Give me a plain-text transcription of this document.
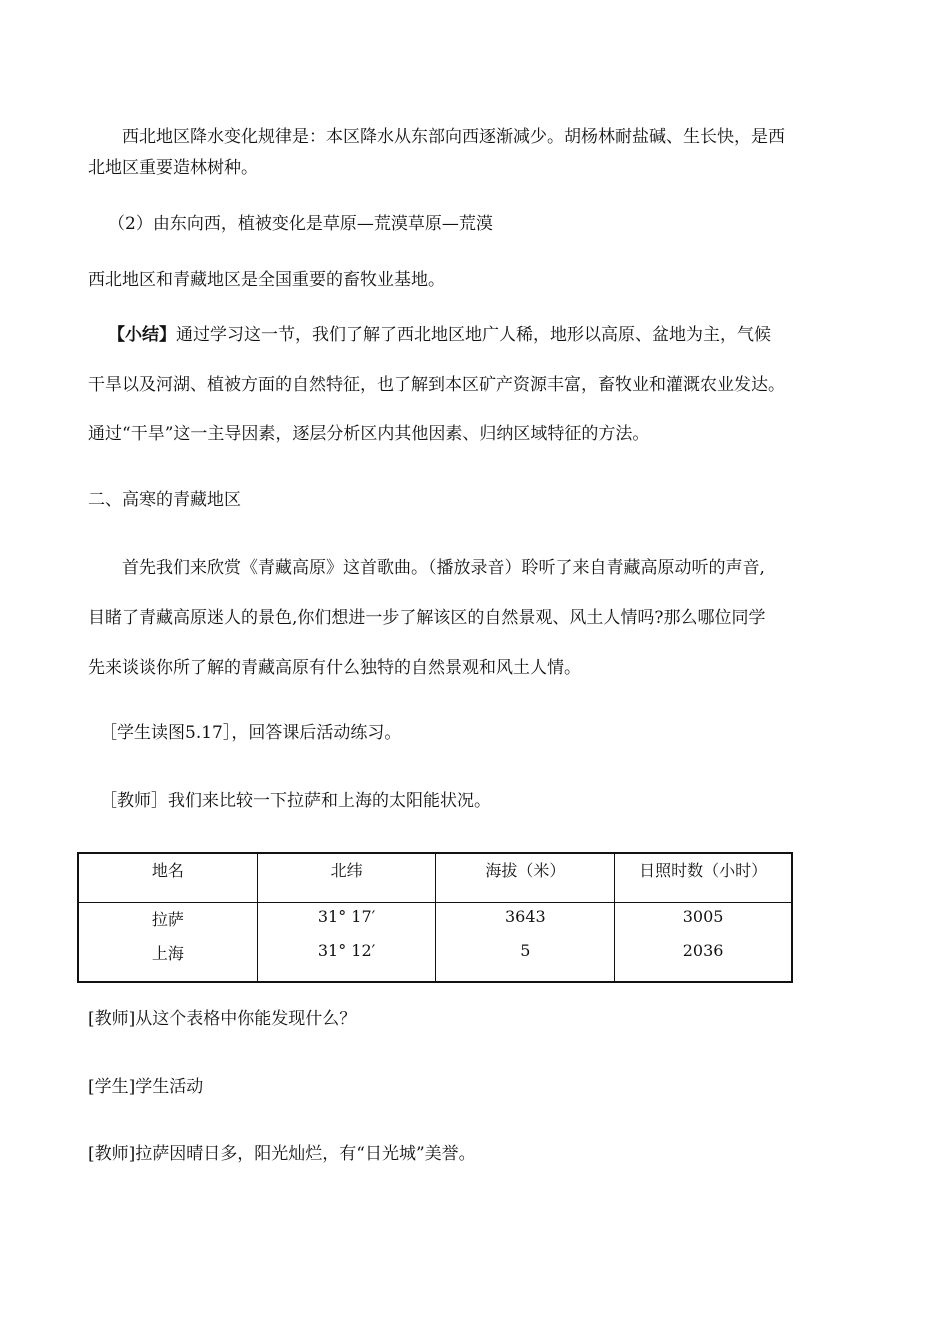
西北地区降水变化规律是：本区降水从东部向西逐渐减少。胡杨林耐盐碱、生长快，是西
北地区重要造林树种。
（2）由东向西，植被变化是草原—荒漠草原—荒漠
西北地区和青藏地区是全国重要的畜牧业基地。
【小结】通过学习这一节，我们了解了西北地区地广人稀，地形以高原、盆地为主，气候
干旱以及河湖、植被方面的自然特征，也了解到本区矿产资源丰富，畜牧业和灌溉农业发达。
通过“干旱”这一主导因素，逐层分析区内其他因素、归纳区域特征的方法。
二、高寒的青藏地区
首先我们来欣赏《青藏高原》这首歌曲。（播放录音）聆听了来自青藏高原动听的声音,
目睹了青藏高原迷人的景色,你们想进一步了解该区的自然景观、风土人情吗?那么哪位同学
先来谈谈你所了解的青藏高原有什么独特的自然景观和风土人情。
［学生读图5.17］，回答课后活动练习。
［教师］我们来比较一下拉萨和上海的太阳能状况。
地名	北纬	海拔（米）	日照时数（小时）
拉萨	31° 17′	3643	3005
上海	31° 12′	5	2036
[教师]从这个表格中你能发现什么？
[学生]学生活动
[教师]拉萨因晴日多，阳光灿烂，有“日光城”美誉。
